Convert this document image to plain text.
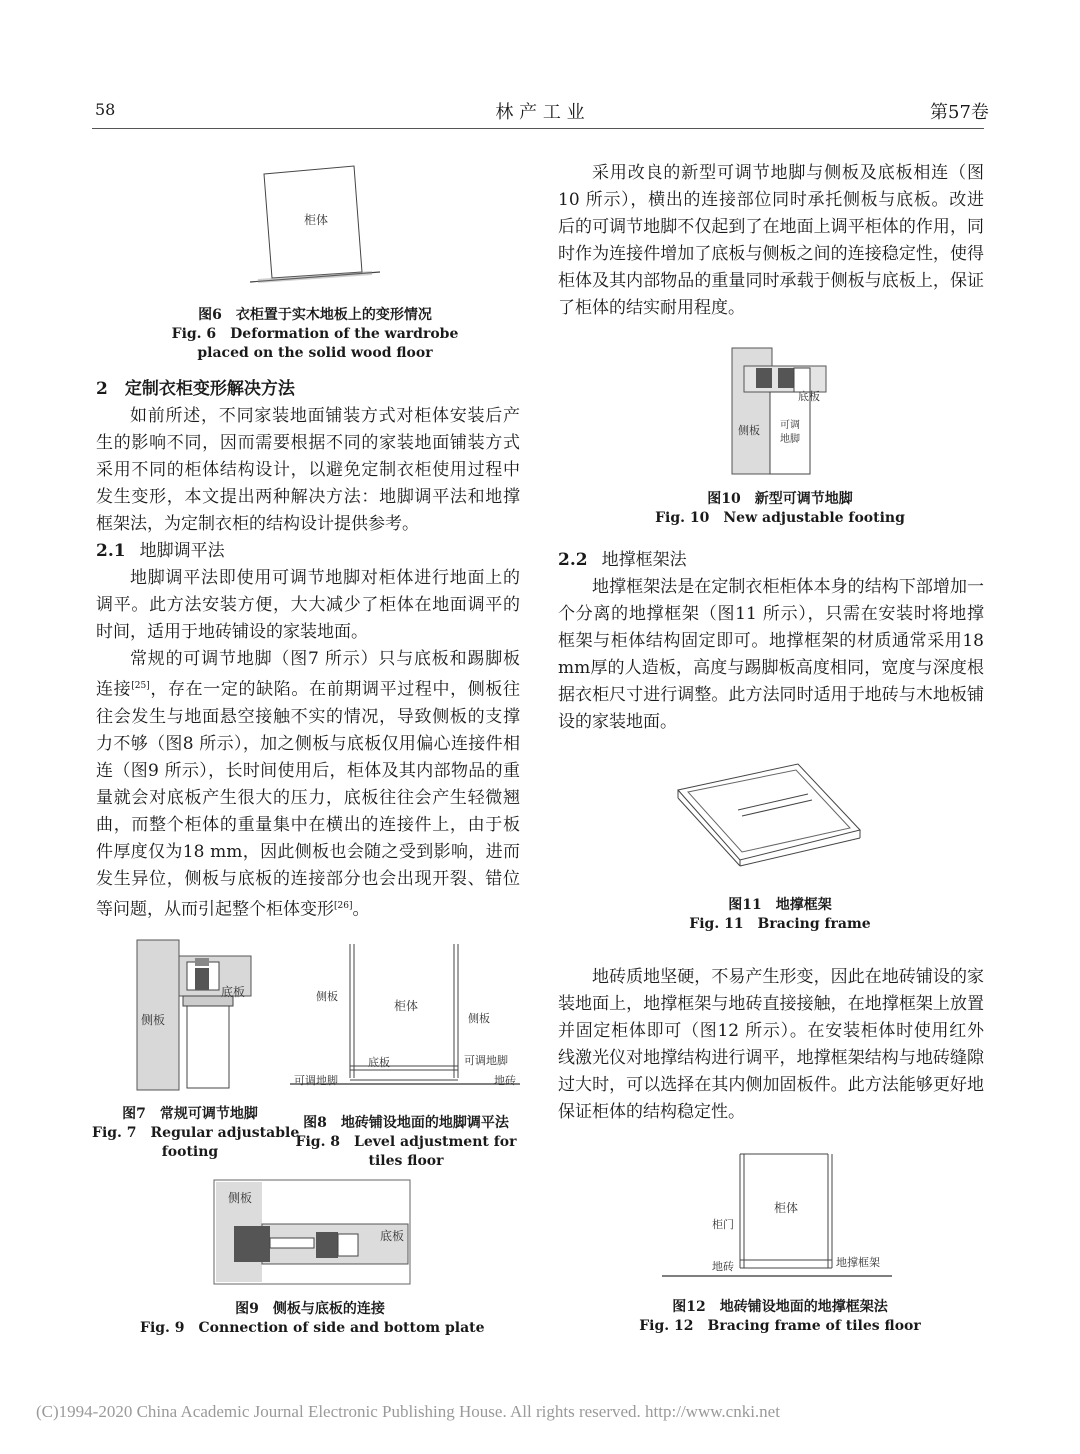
58	林 产 工 业	第57卷
柜体
图6　衣柜置于实木地板上的变形情况
Fig. 6　Deformation of the wardrobe
placed on the solid wood floor

2　定制衣柜变形解决方法

如前所述，不同家装地面铺装方式对柜体安装后产生的影响不同，因而需要根据不同的家装地面铺装方式采用不同的柜体结构设计，以避免定制衣柜使用过程中发生变形，本文提出两种解决方法：地脚调平法和地撑框架法，为定制衣柜的结构设计提供参考。

2.1 地脚调平法

地脚调平法即使用可调节地脚对柜体进行地面上的调平。此方法安装方便，大大减少了柜体在地面调平的时间，适用于地砖铺设的家装地面。

常规的可调节地脚（图7 所示）只与底板和踢脚板连接[25]，存在一定的缺陷。在前期调平过程中，侧板往往会发生与地面悬空接触不实的情况，导致侧板的支撑力不够（图8 所示），加之侧板与底板仅用偏心连接件相连（图9 所示），长时间使用后，柜体及其内部物品的重量就会对底板产生很大的压力，底板往往会产生轻微翘曲，而整个柜体的重量集中在横出的连接件上，由于板件厚度仅为18 mm，因此侧板也会随之受到影响，进而发生异位，侧板与底板的连接部分也会出现开裂、错位等问题，从而引起整个柜体变形[26]。

侧板
底板
图7　常规可调节地脚
Fig. 7　Regular adjustable
footing
侧板
柜体
侧板
底板	可调地脚
可调地脚	地砖
图8　地砖铺设地面的地脚调平法
Fig. 8　Level adjustment for
tiles floor
侧板
底板
图9　侧板与底板的连接
Fig. 9　Connection of side and bottom plate

采用改良的新型可调节地脚与侧板及底板相连（图10 所示），横出的连接部位同时承托侧板与底板。改进后的可调节地脚不仅起到了在地面上调平柜体的作用，同时作为连接件增加了底板与侧板之间的连接稳定性，使得柜体及其内部物品的重量同时承载于侧板与底板上，保证了柜体的结实耐用程度。

底板
侧板 可调
地脚
图10　新型可调节地脚
Fig. 10　New adjustable footing

2.2 地撑框架法

地撑框架法是在定制衣柜柜体本身的结构下部增加一个分离的地撑框架（图11 所示），只需在安装时将地撑框架与柜体结构固定即可。地撑框架的材质通常采用18 mm厚的人造板，高度与踢脚板高度相同，宽度与深度根据衣柜尺寸进行调整。此方法同时适用于地砖与木地板铺设的家装地面。

图11　地撑框架
Fig. 11　Bracing frame

地砖质地坚硬，不易产生形变，因此在地砖铺设的家装地面上，地撑框架与地砖直接接触，在地撑框架上放置并固定柜体即可（图12 所示）。在安装柜体时使用红外线激光仪对地撑结构进行调平，地撑框架结构与地砖缝隙过大时，可以选择在其内侧加固板件。此方法能够更好地保证柜体的结构稳定性。

柜体
柜门
地砖	地撑框架
图12　地砖铺设地面的地撑框架法
Fig. 12　Bracing frame of tiles floor
(C)1994-2020 China Academic Journal Electronic Publishing House. All rights reserved. http://www.cnki.net
